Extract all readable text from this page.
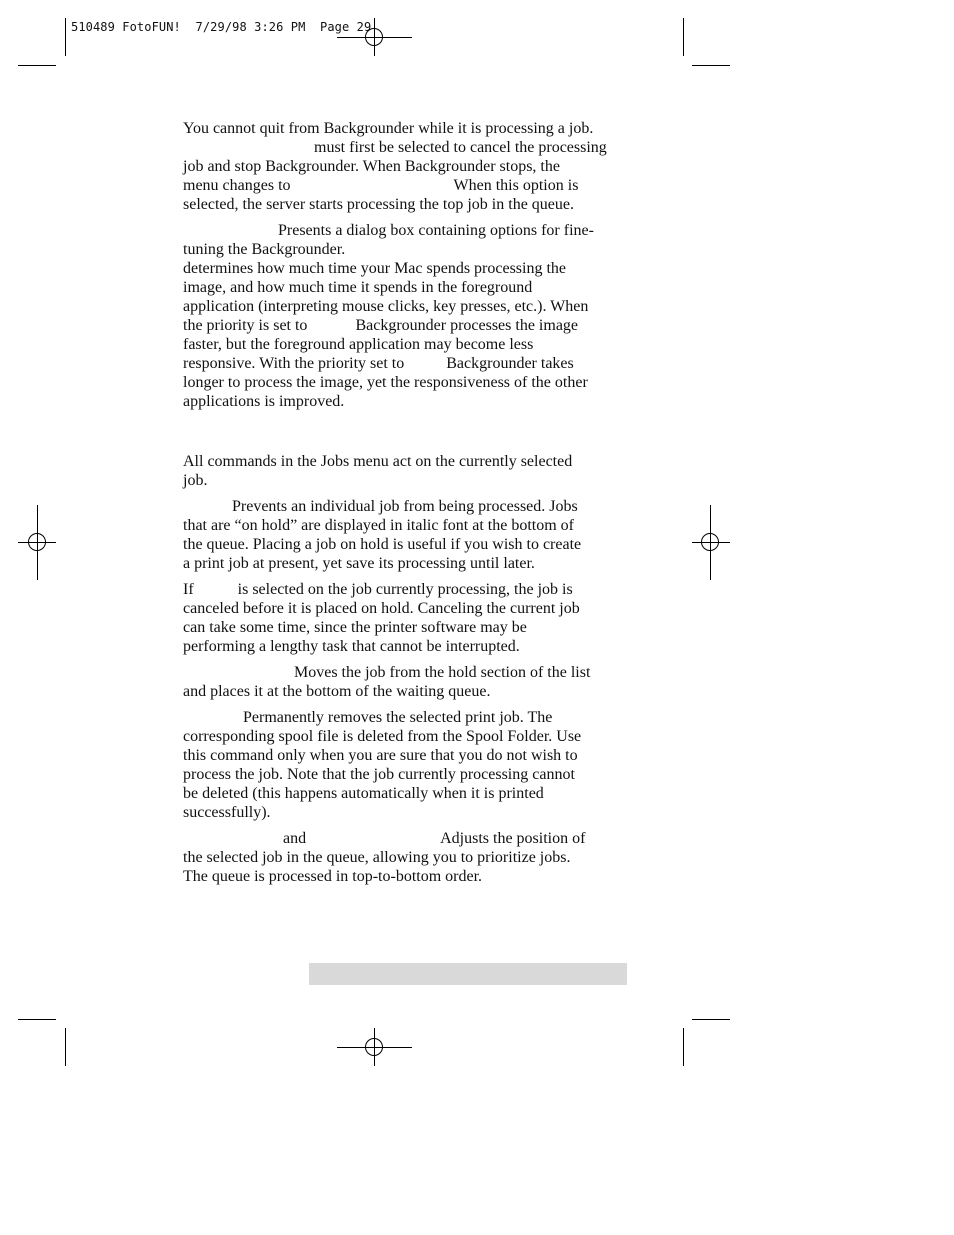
510489 FotoFUN!  7/29/98 3:26 PM  Page 29

You cannot quit from Backgrounder while it is processing a job.
must first be selected to cancel the processing
job and stop Backgrounder. When Backgrounder stops, the
menu changes to	When this option is
selected, the server starts processing the top job in the queue.

Presents a dialog box containing options for fine-
tuning the Backgrounder.
determines how much time your Mac spends processing the
image, and how much time it spends in the foreground
application (interpreting mouse clicks, key presses, etc.). When
the priority is set to	Backgrounder processes the image
faster, but the foreground application may become less
responsive. With the priority set to	Backgrounder takes
longer to process the image, yet the responsiveness of the other
applications is improved.

All commands in the Jobs menu act on the currently selected
job.

Prevents an individual job from being processed. Jobs
that are “on hold” are displayed in italic font at the bottom of
the queue. Placing a job on hold is useful if you wish to create
a print job at present, yet save its processing until later.

If	is selected on the job currently processing, the job is
canceled before it is placed on hold. Canceling the current job
can take some time, since the printer software may be
performing a lengthy task that cannot be interrupted.

Moves the job from the hold section of the list
and places it at the bottom of the waiting queue.

Permanently removes the selected print job. The
corresponding spool file is deleted from the Spool Folder. Use
this command only when you are sure that you do not wish to
process the job. Note that the job currently processing cannot
be deleted (this happens automatically when it is printed
successfully).

and	Adjusts the position of
the selected job in the queue, allowing you to prioritize jobs.
The queue is processed in top-to-bottom order.
